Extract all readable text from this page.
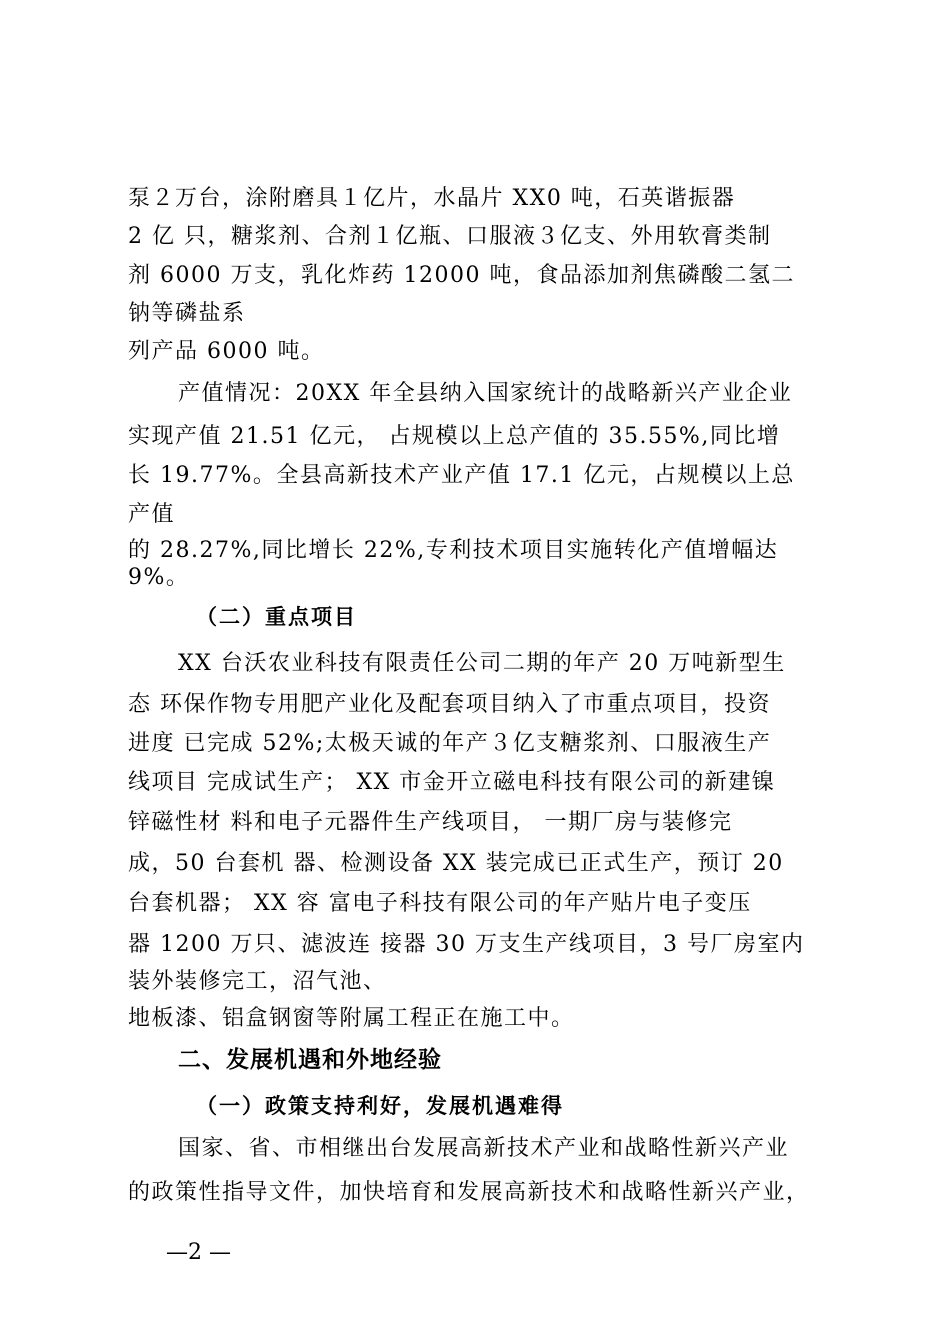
泵２万台，涂附磨具１亿片，水晶片 XX0 吨，石英谐振器
2 亿 只，糖浆剂、合剂１亿瓶、口服液３亿支、外用软膏类制
剂 6000 万支，乳化炸药 12000 吨，食品添加剂焦磷酸二氢二
钠等磷盐系
列产品 6000 吨。
产值情况：20XX 年全县纳入国家统计的战略新兴产业企业
实现产值 21.51 亿元， 占规模以上总产值的 35.55%,同比增
长 19.77%。全县高新技术产业产值 17.1 亿元，占规模以上总
产值
的 28.27%,同比增长 22%,专利技术项目实施转化产值增幅达
9%。
（二）重点项目
XX 台沃农业科技有限责任公司二期的年产 20 万吨新型生
态 环保作物专用肥产业化及配套项目纳入了市重点项目，投资
进度 已完成 52%;太极天诚的年产３亿支糖浆剂、口服液生产
线项目 完成试生产； XX 市金开立磁电科技有限公司的新建镍
锌磁性材 料和电子元器件生产线项目， 一期厂房与装修完
成，50 台套机 器、检测设备 XX 装完成已正式生产，预订 20
台套机器； XX 容 富电子科技有限公司的年产贴片电子变压
器 1200 万只、滤波连 接器 30 万支生产线项目，3 号厂房室内
装外装修完工，沼气池、
地板漆、铝盒钢窗等附属工程正在施工中。
二、发展机遇和外地经验
（一）政策支持利好，发展机遇难得
国家、省、市相继出台发展高新技术产业和战略性新兴产业
的政策性指导文件，加快培育和发展高新技术和战略性新兴产业，
—2 —
